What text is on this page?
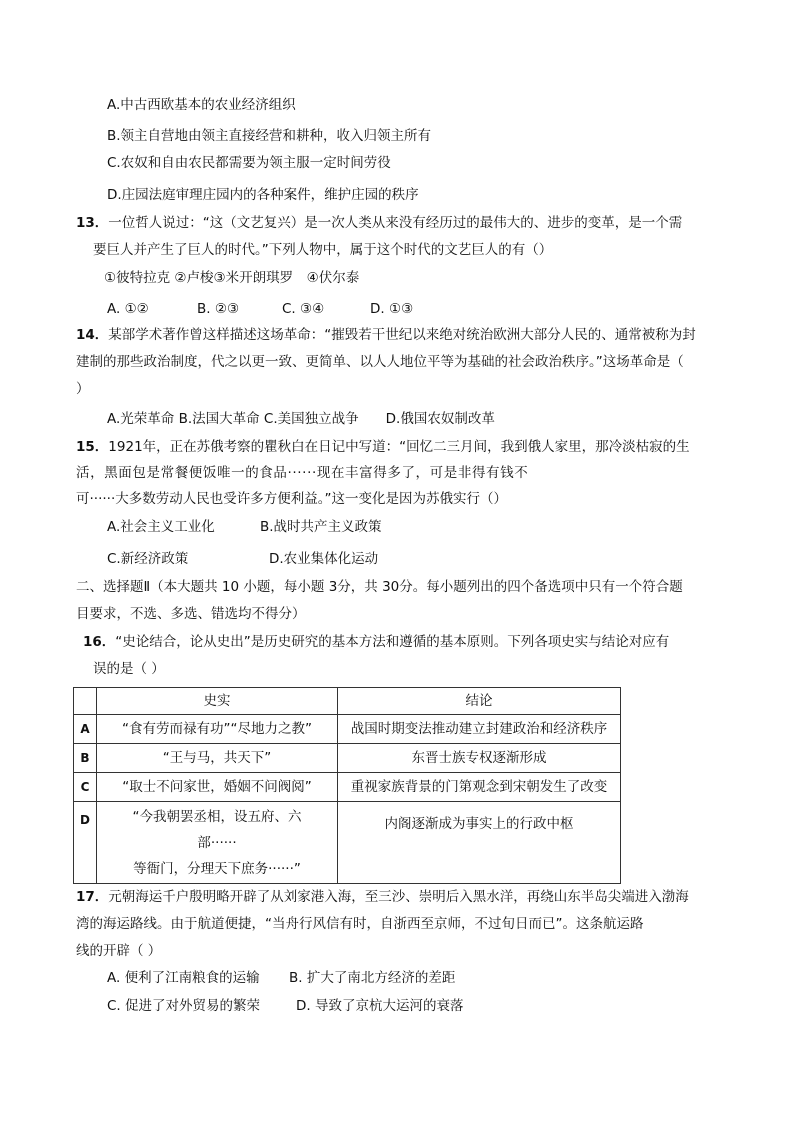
A.中古西欧基本的农业经济组织
B.领主自营地由领主直接经营和耕种，收入归领主所有
C.农奴和自由农民都需要为领主服一定时间劳役
D.庄园法庭审理庄园内的各种案件，维护庄园的秩序
13．一位哲人说过：“这（文艺复兴）是一次人类从来没有经历过的最伟大的、进步的变革，是一个需
要巨人并产生了巨人的时代。”下列人物中，属于这个时代的文艺巨人的有（）
①彼特拉克 ②卢梭③米开朗琪罗　④伏尔泰
A. ①②	B. ②③	C. ③④	D. ①③
14．某部学术著作曾这样描述这场革命：“摧毁若干世纪以来绝对统治欧洲大部分人民的、通常被称为封
建制的那些政治制度，代之以更一致、更简单、以人人地位平等为基础的社会政治秩序。”这场革命是（
）
A.光荣革命 B.法国大革命 C.美国独立战争　　D.俄国农奴制改革
15．1921年，正在苏俄考察的瞿秋白在日记中写道：“回忆二三月间，我到俄人家里，那冷淡枯寂的生
活，黑面包是常餐便饭唯一的食品······现在丰富得多了，可是非得有钱不
可······大多数劳动人民也受许多方便利益。”这一变化是因为苏俄实行（）
A.社会主义工业化	B.战时共产主义政策
C.新经济政策	D.农业集体化运动
二、选择题Ⅱ（本大题共 10 小题，每小题 3分，共 30分。每小题列出的四个备选项中只有一个符合题
目要求，不选、多选、错选均不得分）
16．“史论结合，论从史出”是历史研究的基本方法和遵循的基本原则。下列各项史实与结论对应有
误的是（ ）
	史实	结论
A	“食有劳而禄有功”“尽地力之教”	战国时期变法推动建立封建政治和经济秩序
B	“王与马，共天下”	东晋士族专权逐渐形成
C	“取士不问家世，婚姻不问阀阅”	重视家族背景的门第观念到宋朝发生了改变
D	“今我朝罢丞相，设五府、六
部······
等衙门，分理天下庶务······”	内阁逐渐成为事实上的行政中枢
17．元朝海运千户殷明略开辟了从刘家港入海，至三沙、崇明后入黑水洋，再绕山东半岛尖端进入渤海
湾的海运路线。由于航道便捷，“当舟行风信有时，自浙西至京师，不过旬日而已”。这条航运路
线的开辟（ ）
A. 便利了江南粮食的运输 B. 扩大了南北方经济的差距
C. 促进了对外贸易的繁荣	D. 导致了京杭大运河的衰落
